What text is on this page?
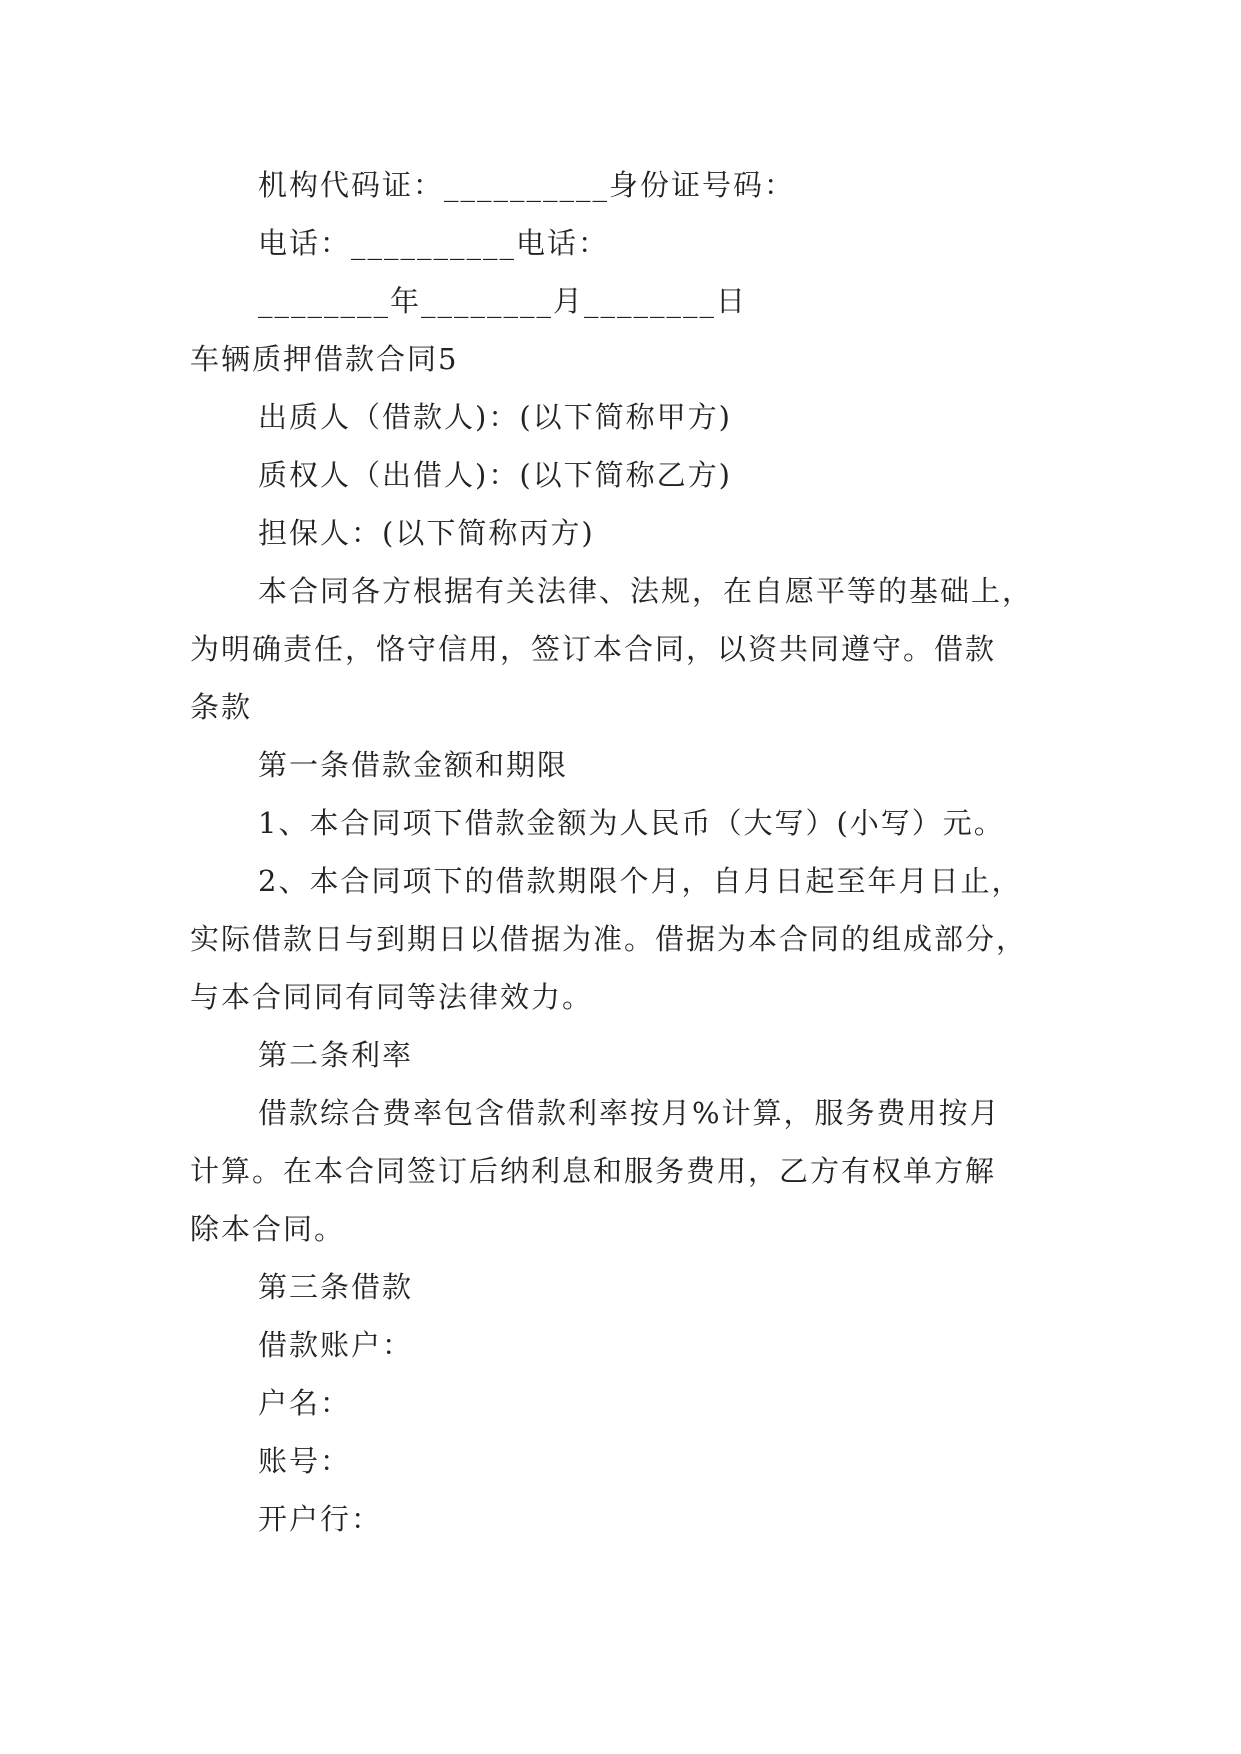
机构代码证：__________身份证号码：
电话：__________电话：
________年________月________日
车辆质押借款合同5
出质人（借款人)：(以下简称甲方)
质权人（出借人)：(以下简称乙方)
担保人：(以下简称丙方)
本合同各方根据有关法律、法规，在自愿平等的基础上，
为明确责任，恪守信用，签订本合同，以资共同遵守。借款
条款
第一条借款金额和期限
1、本合同项下借款金额为人民币（大写）(小写）元。
2、本合同项下的借款期限个月，自月日起至年月日止，
实际借款日与到期日以借据为准。借据为本合同的组成部分，
与本合同同有同等法律效力。
第二条利率
借款综合费率包含借款利率按月%计算，服务费用按月
计算。在本合同签订后纳利息和服务费用，乙方有权单方解
除本合同。
第三条借款
借款账户：
户名：
账号：
开户行：
